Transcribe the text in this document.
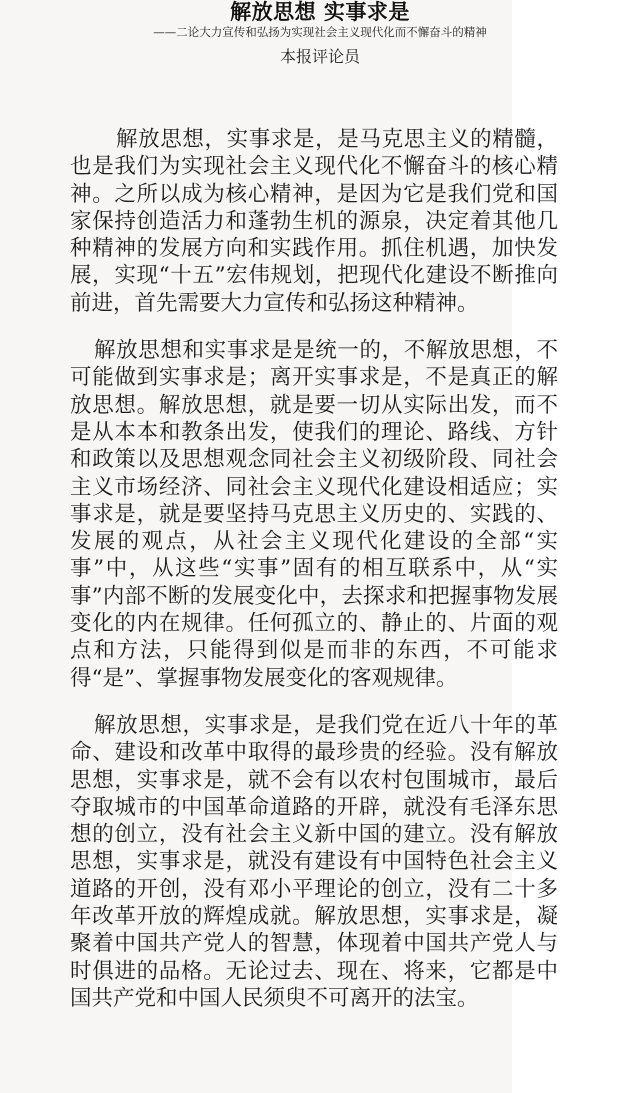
解放思想 实事求是
——二论大力宣传和弘扬为实现社会主义现代化而不懈奋斗的精神
本报评论员

解放思想，实事求是，是马克思主义的精髓，也是我们为实现社会主义现代化不懈奋斗的核心精神。之所以成为核心精神，是因为它是我们党和国家保持创造活力和蓬勃生机的源泉，决定着其他几种精神的发展方向和实践作用。抓住机遇，加快发展，实现“十五”宏伟规划，把现代化建设不断推向前进，首先需要大力宣传和弘扬这种精神。

解放思想和实事求是是统一的，不解放思想，不可能做到实事求是；离开实事求是，不是真正的解放思想。解放思想，就是要一切从实际出发，而不是从本本和教条出发，使我们的理论、路线、方针和政策以及思想观念同社会主义初级阶段、同社会主义市场经济、同社会主义现代化建设相适应；实事求是，就是要坚持马克思主义历史的、实践的、发展的观点，从社会主义现代化建设的全部“实事”中，从这些“实事”固有的相互联系中，从“实事”内部不断的发展变化中，去探求和把握事物发展变化的内在规律。任何孤立的、静止的、片面的观点和方法，只能得到似是而非的东西，不可能求得“是”、掌握事物发展变化的客观规律。

解放思想，实事求是，是我们党在近八十年的革命、建设和改革中取得的最珍贵的经验。没有解放思想，实事求是，就不会有以农村包围城市，最后夺取城市的中国革命道路的开辟，就没有毛泽东思想的创立，没有社会主义新中国的建立。没有解放思想，实事求是，就没有建设有中国特色社会主义道路的开创，没有邓小平理论的创立，没有二十多年改革开放的辉煌成就。解放思想，实事求是，凝聚着中国共产党人的智慧，体现着中国共产党人与时俱进的品格。无论过去、现在、将来，它都是中国共产党和中国人民须臾不可离开的法宝。
